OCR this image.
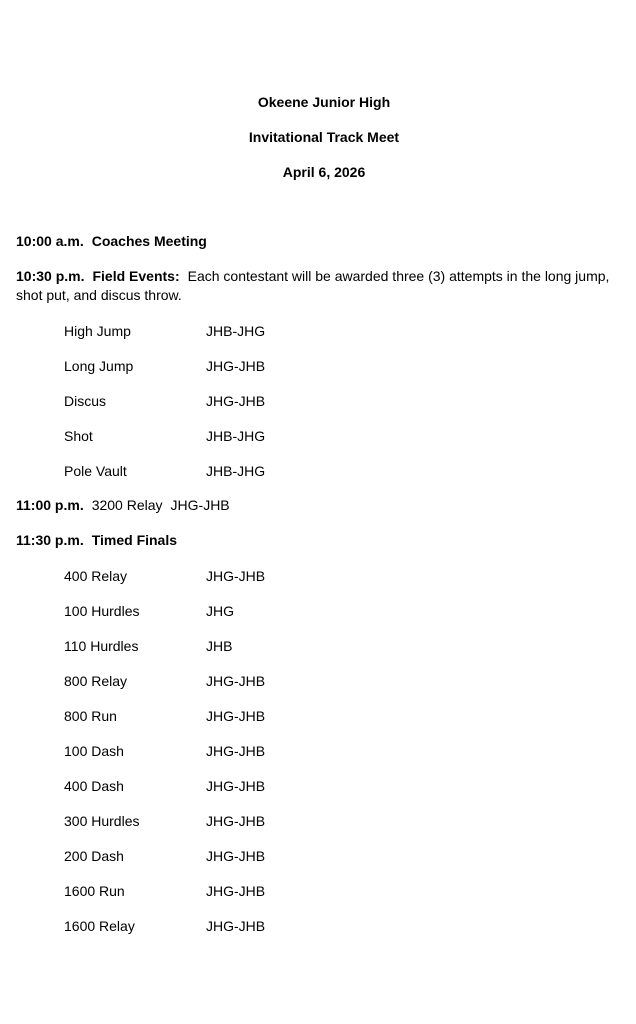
Okeene Junior High

Invitational Track Meet

April 6, 2026

10:00 a.m. Coaches Meeting

10:30 p.m. Field Events: Each contestant will be awarded three (3) attempts in the long jump, shot put, and discus throw.

High Jump	JHB-JHG
Long Jump	JHG-JHB
Discus	JHG-JHB
Shot	JHB-JHG
Pole Vault	JHB-JHG

11:00 p.m. 3200 Relay JHG-JHB

11:30 p.m. Timed Finals

400 Relay	JHG-JHB
100 Hurdles	JHG
110 Hurdles	JHB
800 Relay	JHG-JHB
800 Run	JHG-JHB
100 Dash	JHG-JHB
400 Dash	JHG-JHB
300 Hurdles	JHG-JHB
200 Dash	JHG-JHB
1600 Run	JHG-JHB
1600 Relay	JHG-JHB
